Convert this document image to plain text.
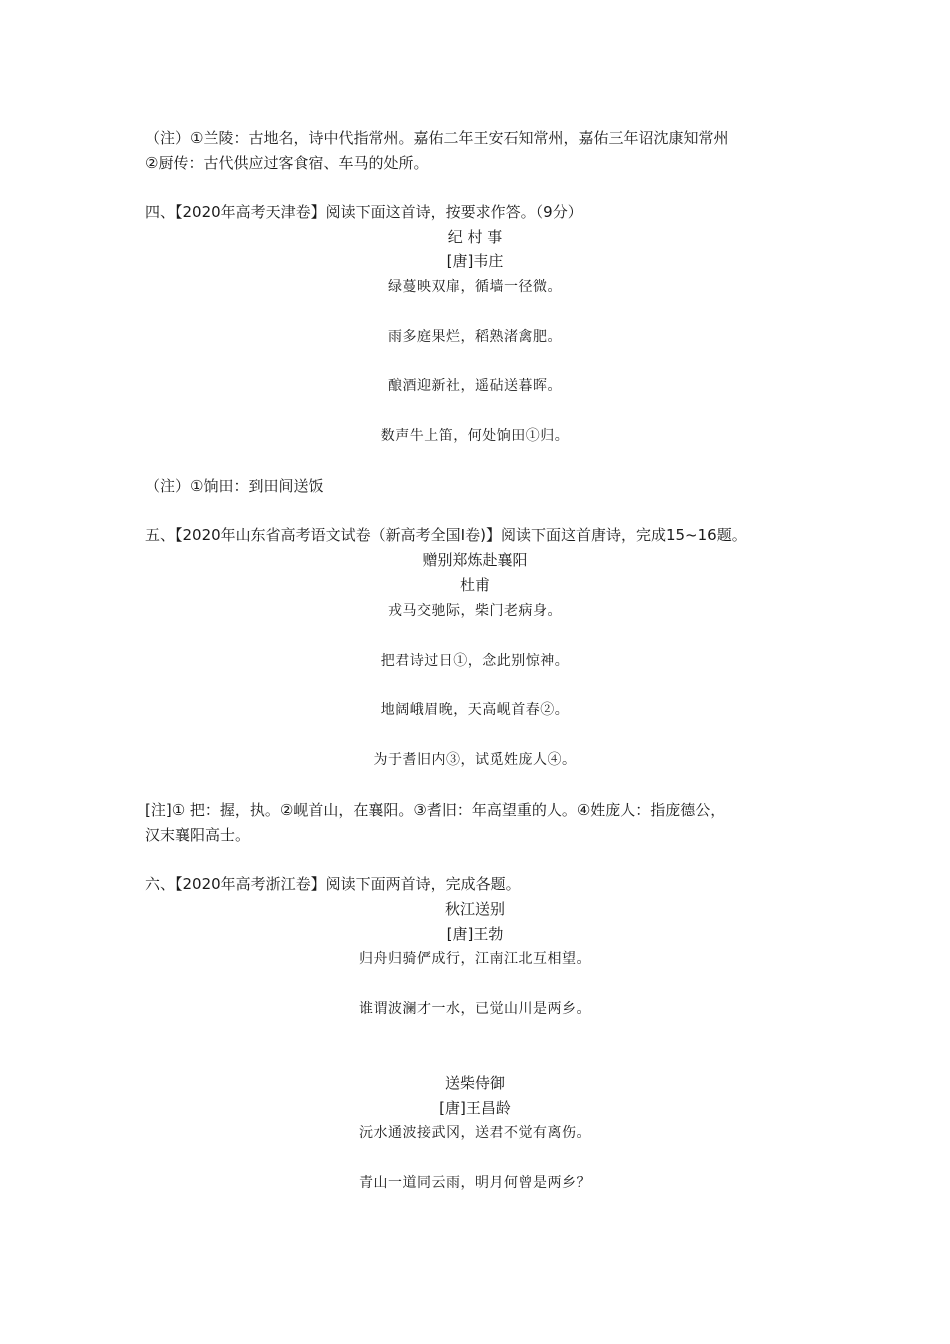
（注）①兰陵：古地名，诗中代指常州。嘉佑二年王安石知常州，嘉佑三年诏沈康知常州
②厨传：古代供应过客食宿、车马的处所。
四、【2020年高考天津卷】阅读下面这首诗，按要求作答。（9分）
纪 村 事
[唐]韦庄
绿蔓映双扉，循墙一径微。
雨多庭果烂，稻熟渚禽肥。
酿酒迎新社，遥砧送暮晖。
数声牛上笛，何处饷田①归。
（注）①饷田：到田间送饭
五、【2020年山东省高考语文试卷（新高考全国Ⅰ卷)】阅读下面这首唐诗，完成15~16题。
赠别郑炼赴襄阳
杜甫
戎马交驰际，柴门老病身。
把君诗过日①，念此别惊神。
地阔峨眉晚，天高岘首春②。
为于耆旧内③，试觅姓庞人④。
[注]① 把：握，执。②岘首山，在襄阳。③耆旧：年高望重的人。④姓庞人：指庞德公，
汉末襄阳高士。
六、【2020年高考浙江卷】阅读下面两首诗，完成各题。
秋江送别
[唐]王勃
归舟归骑俨成行，江南江北互相望。
谁谓波澜才一水，已觉山川是两乡。
送柴侍御
[唐]王昌龄
沅水通波接武冈，送君不觉有离伤。
青山一道同云雨，明月何曾是两乡？
